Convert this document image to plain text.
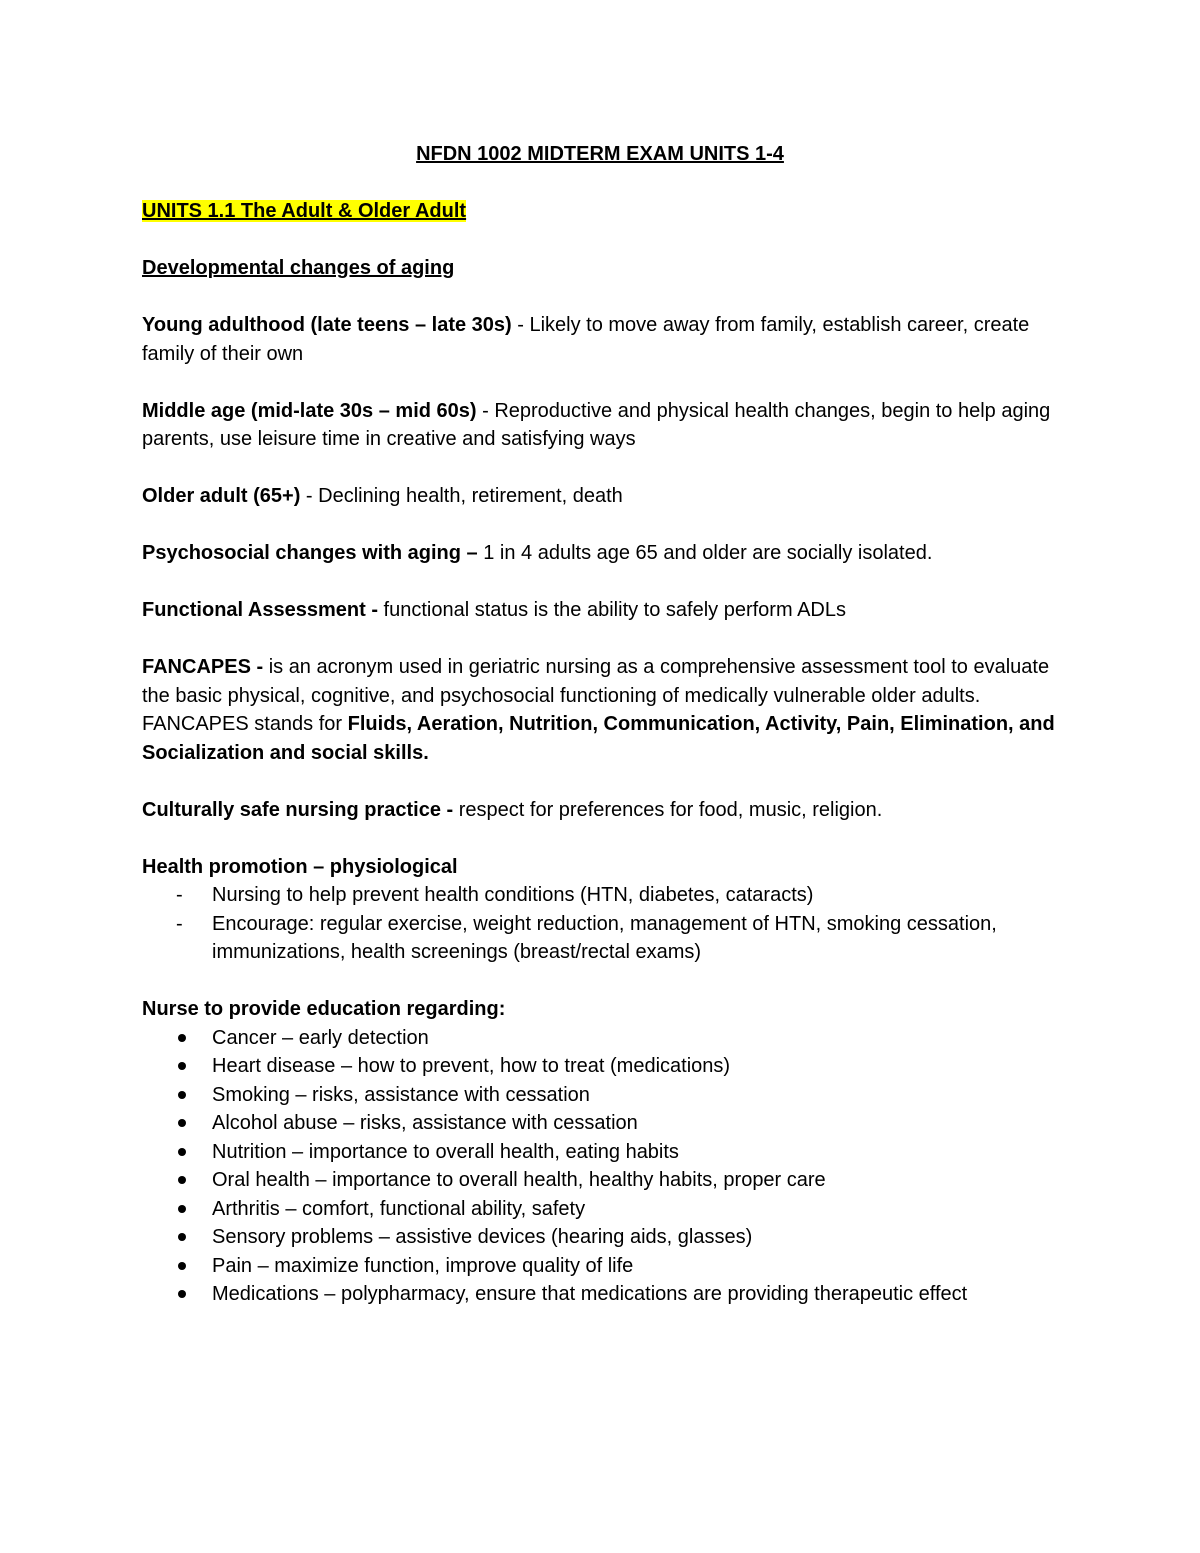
NFDN 1002 MIDTERM EXAM UNITS 1-4
UNITS 1.1 The Adult & Older Adult
Developmental changes of aging

Young adulthood (late teens – late 30s) - Likely to move away from family, establish career, create family of their own

Middle age (mid-late 30s – mid 60s) - Reproductive and physical health changes, begin to help aging parents, use leisure time in creative and satisfying ways

Older adult (65+) - Declining health, retirement, death

Psychosocial changes with aging – 1 in 4 adults age 65 and older are socially isolated.

Functional Assessment - functional status is the ability to safely perform ADLs

FANCAPES - is an acronym used in geriatric nursing as a comprehensive assessment tool to evaluate the basic physical, cognitive, and psychosocial functioning of medically vulnerable older adults. FANCAPES stands for Fluids, Aeration, Nutrition, Communication, Activity, Pain, Elimination, and Socialization and social skills.

Culturally safe nursing practice - respect for preferences for food, music, religion.

Health promotion – physiological

- Nursing to help prevent health conditions (HTN, diabetes, cataracts)
- Encourage: regular exercise, weight reduction, management of HTN, smoking cessation, immunizations, health screenings (breast/rectal exams)

Nurse to provide education regarding:

Cancer – early detection
Heart disease – how to prevent, how to treat (medications)
Smoking – risks, assistance with cessation
Alcohol abuse – risks, assistance with cessation
Nutrition – importance to overall health, eating habits
Oral health – importance to overall health, healthy habits, proper care
Arthritis – comfort, functional ability, safety
Sensory problems – assistive devices (hearing aids, glasses)
Pain – maximize function, improve quality of life
Medications – polypharmacy, ensure that medications are providing therapeutic effect
